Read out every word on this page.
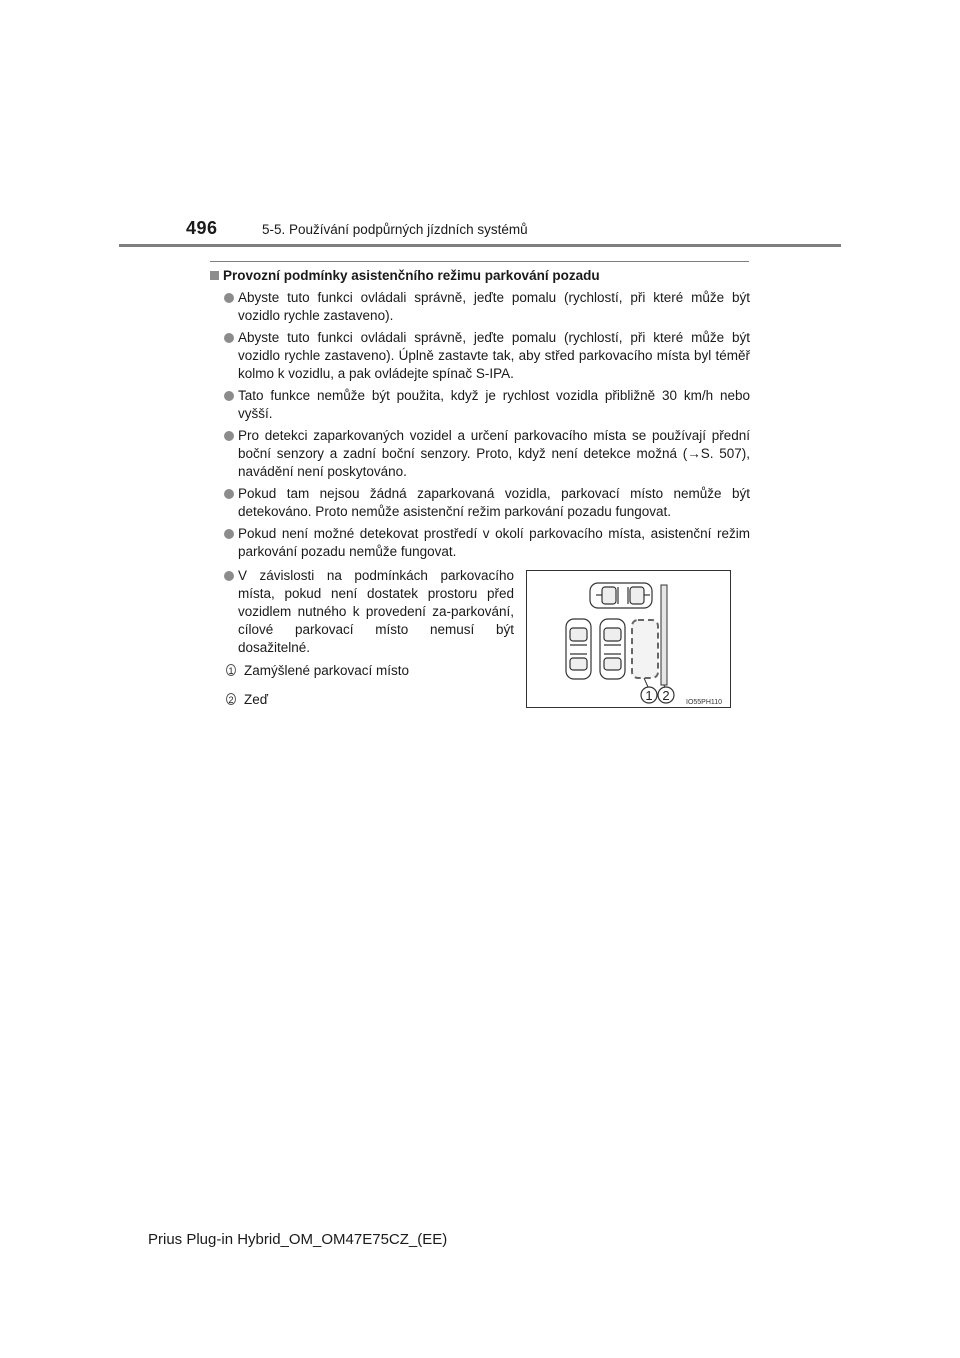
496	5-5. Používání podpůrných jízdních systémů
Provozní podmínky asistenčního režimu parkování pozadu
Abyste tuto funkci ovládali správně, jeďte pomalu (rychlostí, při které může být vozidlo rychle zastaveno).
Abyste tuto funkci ovládali správně, jeďte pomalu (rychlostí, při které může být vozidlo rychle zastaveno). Úplně zastavte tak, aby střed parkovacího místa byl téměř kolmo k vozidlu, a pak ovládejte spínač S-IPA.
Tato funkce nemůže být použita, když je rychlost vozidla přibližně 30 km/h nebo vyšší.
Pro detekci zaparkovaných vozidel a určení parkovacího místa se používají přední boční senzory a zadní boční senzory. Proto, když není detekce možná (→S. 507), navádění není poskytováno.
Pokud tam nejsou žádná zaparkovaná vozidla, parkovací místo nemůže být detekováno. Proto nemůže asistenční režim parkování pozadu fungovat.
Pokud není možné detekovat prostředí v okolí parkovacího místa, asistenční režim parkování pozadu nemůže fungovat.
V závislosti na podmínkách parkovacího místa, pokud není dostatek prostoru před vozidlem nutného k provedení za-parkování, cílové parkovací místo nemusí být dosažitelné.
1 Zamýšlené parkovací místo
2 Zeď	1 2 IO55PH110
Prius Plug-in Hybrid_OM_OM47E75CZ_(EE)
